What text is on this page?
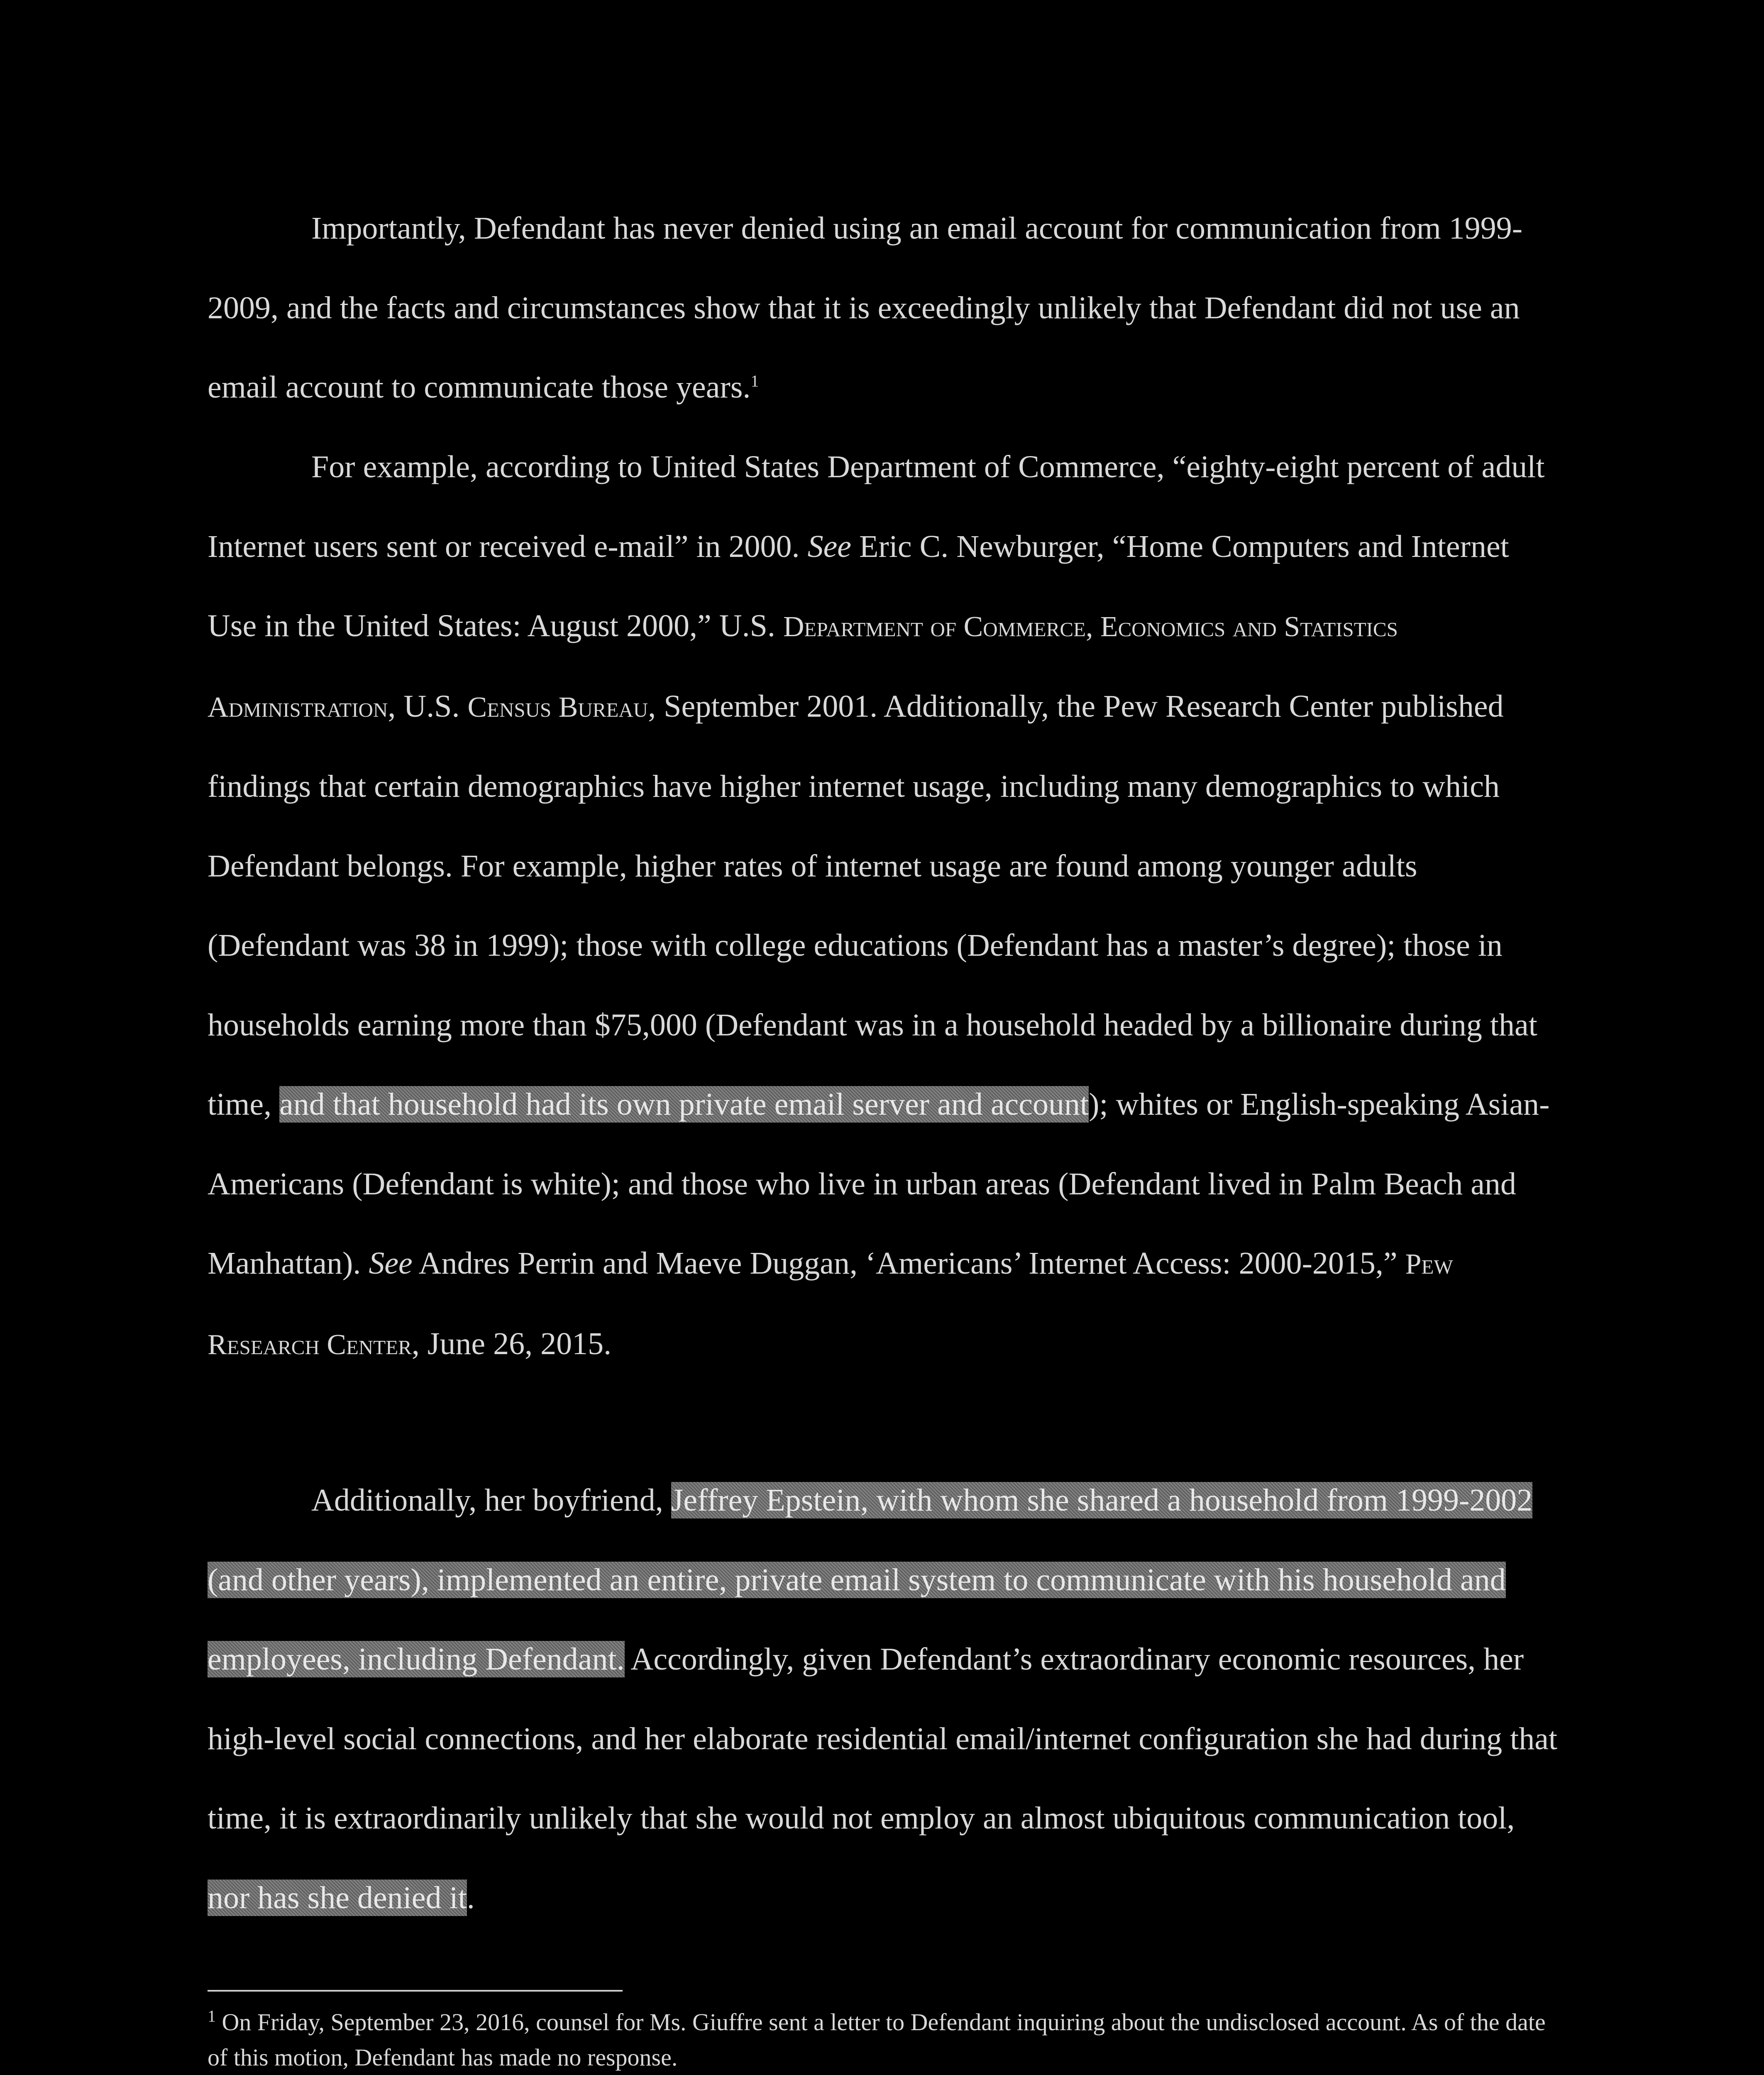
Importantly, Defendant has never denied using an email account for communication from 1999-2009, and the facts and circumstances show that it is exceedingly unlikely that Defendant did not use an email account to communicate those years.$^1$

For example, according to United States Department of Commerce, “eighty-eight percent of adult Internet users sent or received e-mail” in 2000. See Eric C. Newburger, “Home Computers and Internet Use in the United States: August 2000,” U.S. Department of Commerce, Economics and Statistics Administration, U.S. Census Bureau, September 2001. Additionally, the Pew Research Center published findings that certain demographics have higher internet usage, including many demographics to which Defendant belongs. For example, higher rates of internet usage are found among younger adults (Defendant was 38 in 1999); those with college educations (Defendant has a master’s degree); those in households earning more than $75,000 (Defendant was in a household headed by a billionaire during that time, and that household had its own private email server and account); whites or English-speaking Asian-Americans (Defendant is white); and those who live in urban areas (Defendant lived in Palm Beach and Manhattan). See Andres Perrin and Maeve Duggan, ‘Americans’ Internet Access: 2000-2015,” Pew Research Center, June 26, 2015.

Additionally, her boyfriend, Jeffrey Epstein, with whom she shared a household from 1999-2002 (and other years), implemented an entire, private email system to communicate with his household and employees, including Defendant. Accordingly, given Defendant’s extraordinary economic resources, her high-level social connections, and her elaborate residential email/internet configuration she had during that time, it is extraordinarily unlikely that she would not employ an almost ubiquitous communication tool, nor has she denied it.

$^1$ On Friday, September 23, 2016, counsel for Ms. Giuffre sent a letter to Defendant inquiring about the undisclosed account. As of the date of this motion, Defendant has made no response.
